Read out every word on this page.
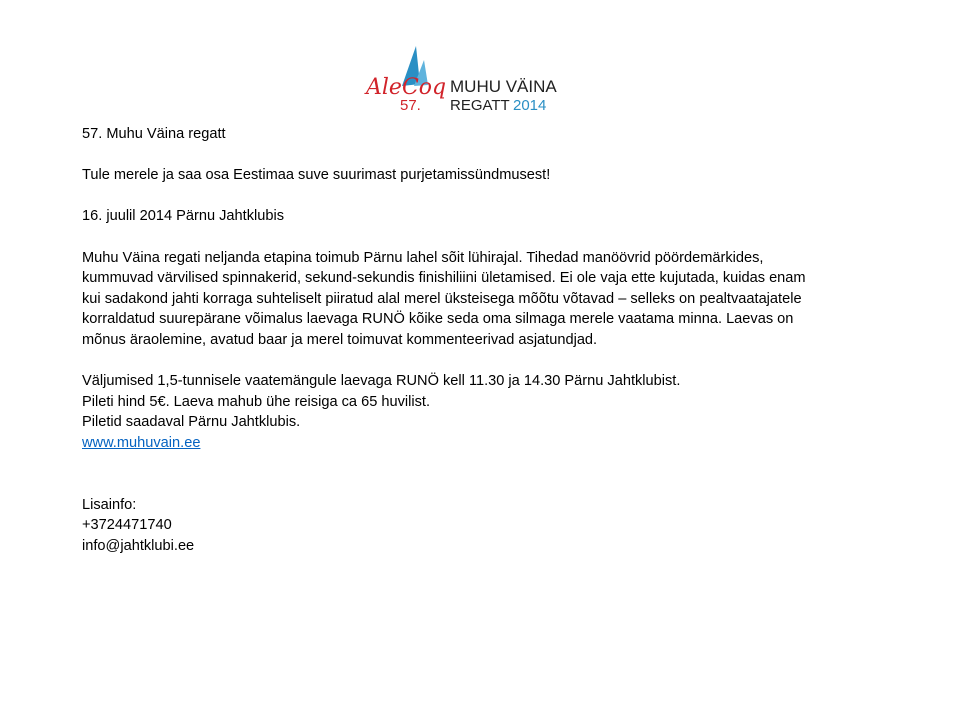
AleCoq
57.
MUHU VÄINA
REGATT 2014

57. Muhu Väina regatt

Tule merele ja saa osa Eestimaa suve suurimast purjetamissündmusest!

16. juulil 2014 Pärnu Jahtklubis

Muhu Väina regati neljanda etapina toimub Pärnu lahel sõit lühirajal. Tihedad manöövrid pöördemärkides,

kummuvad värvilised spinnakerid, sekund-sekundis finishiliini ületamised. Ei ole vaja ette kujutada, kuidas enam

kui sadakond jahti korraga suhteliselt piiratud alal merel üksteisega mõõtu võtavad – selleks on pealtvaatajatele

korraldatud suurepärane võimalus laevaga RUNÖ kõike seda oma silmaga merele vaatama minna. Laevas on

mõnus äraolemine, avatud baar ja merel toimuvat kommenteerivad asjatundjad.

Väljumised 1,5-tunnisele vaatemängule laevaga RUNÖ kell 11.30 ja 14.30 Pärnu Jahtklubist.

Pileti hind 5€. Laeva mahub ühe reisiga ca 65 huvilist.

Piletid saadaval Pärnu Jahtklubis.

www.muhuvain.ee

Lisainfo:

+3724471740

info@jahtklubi.ee
